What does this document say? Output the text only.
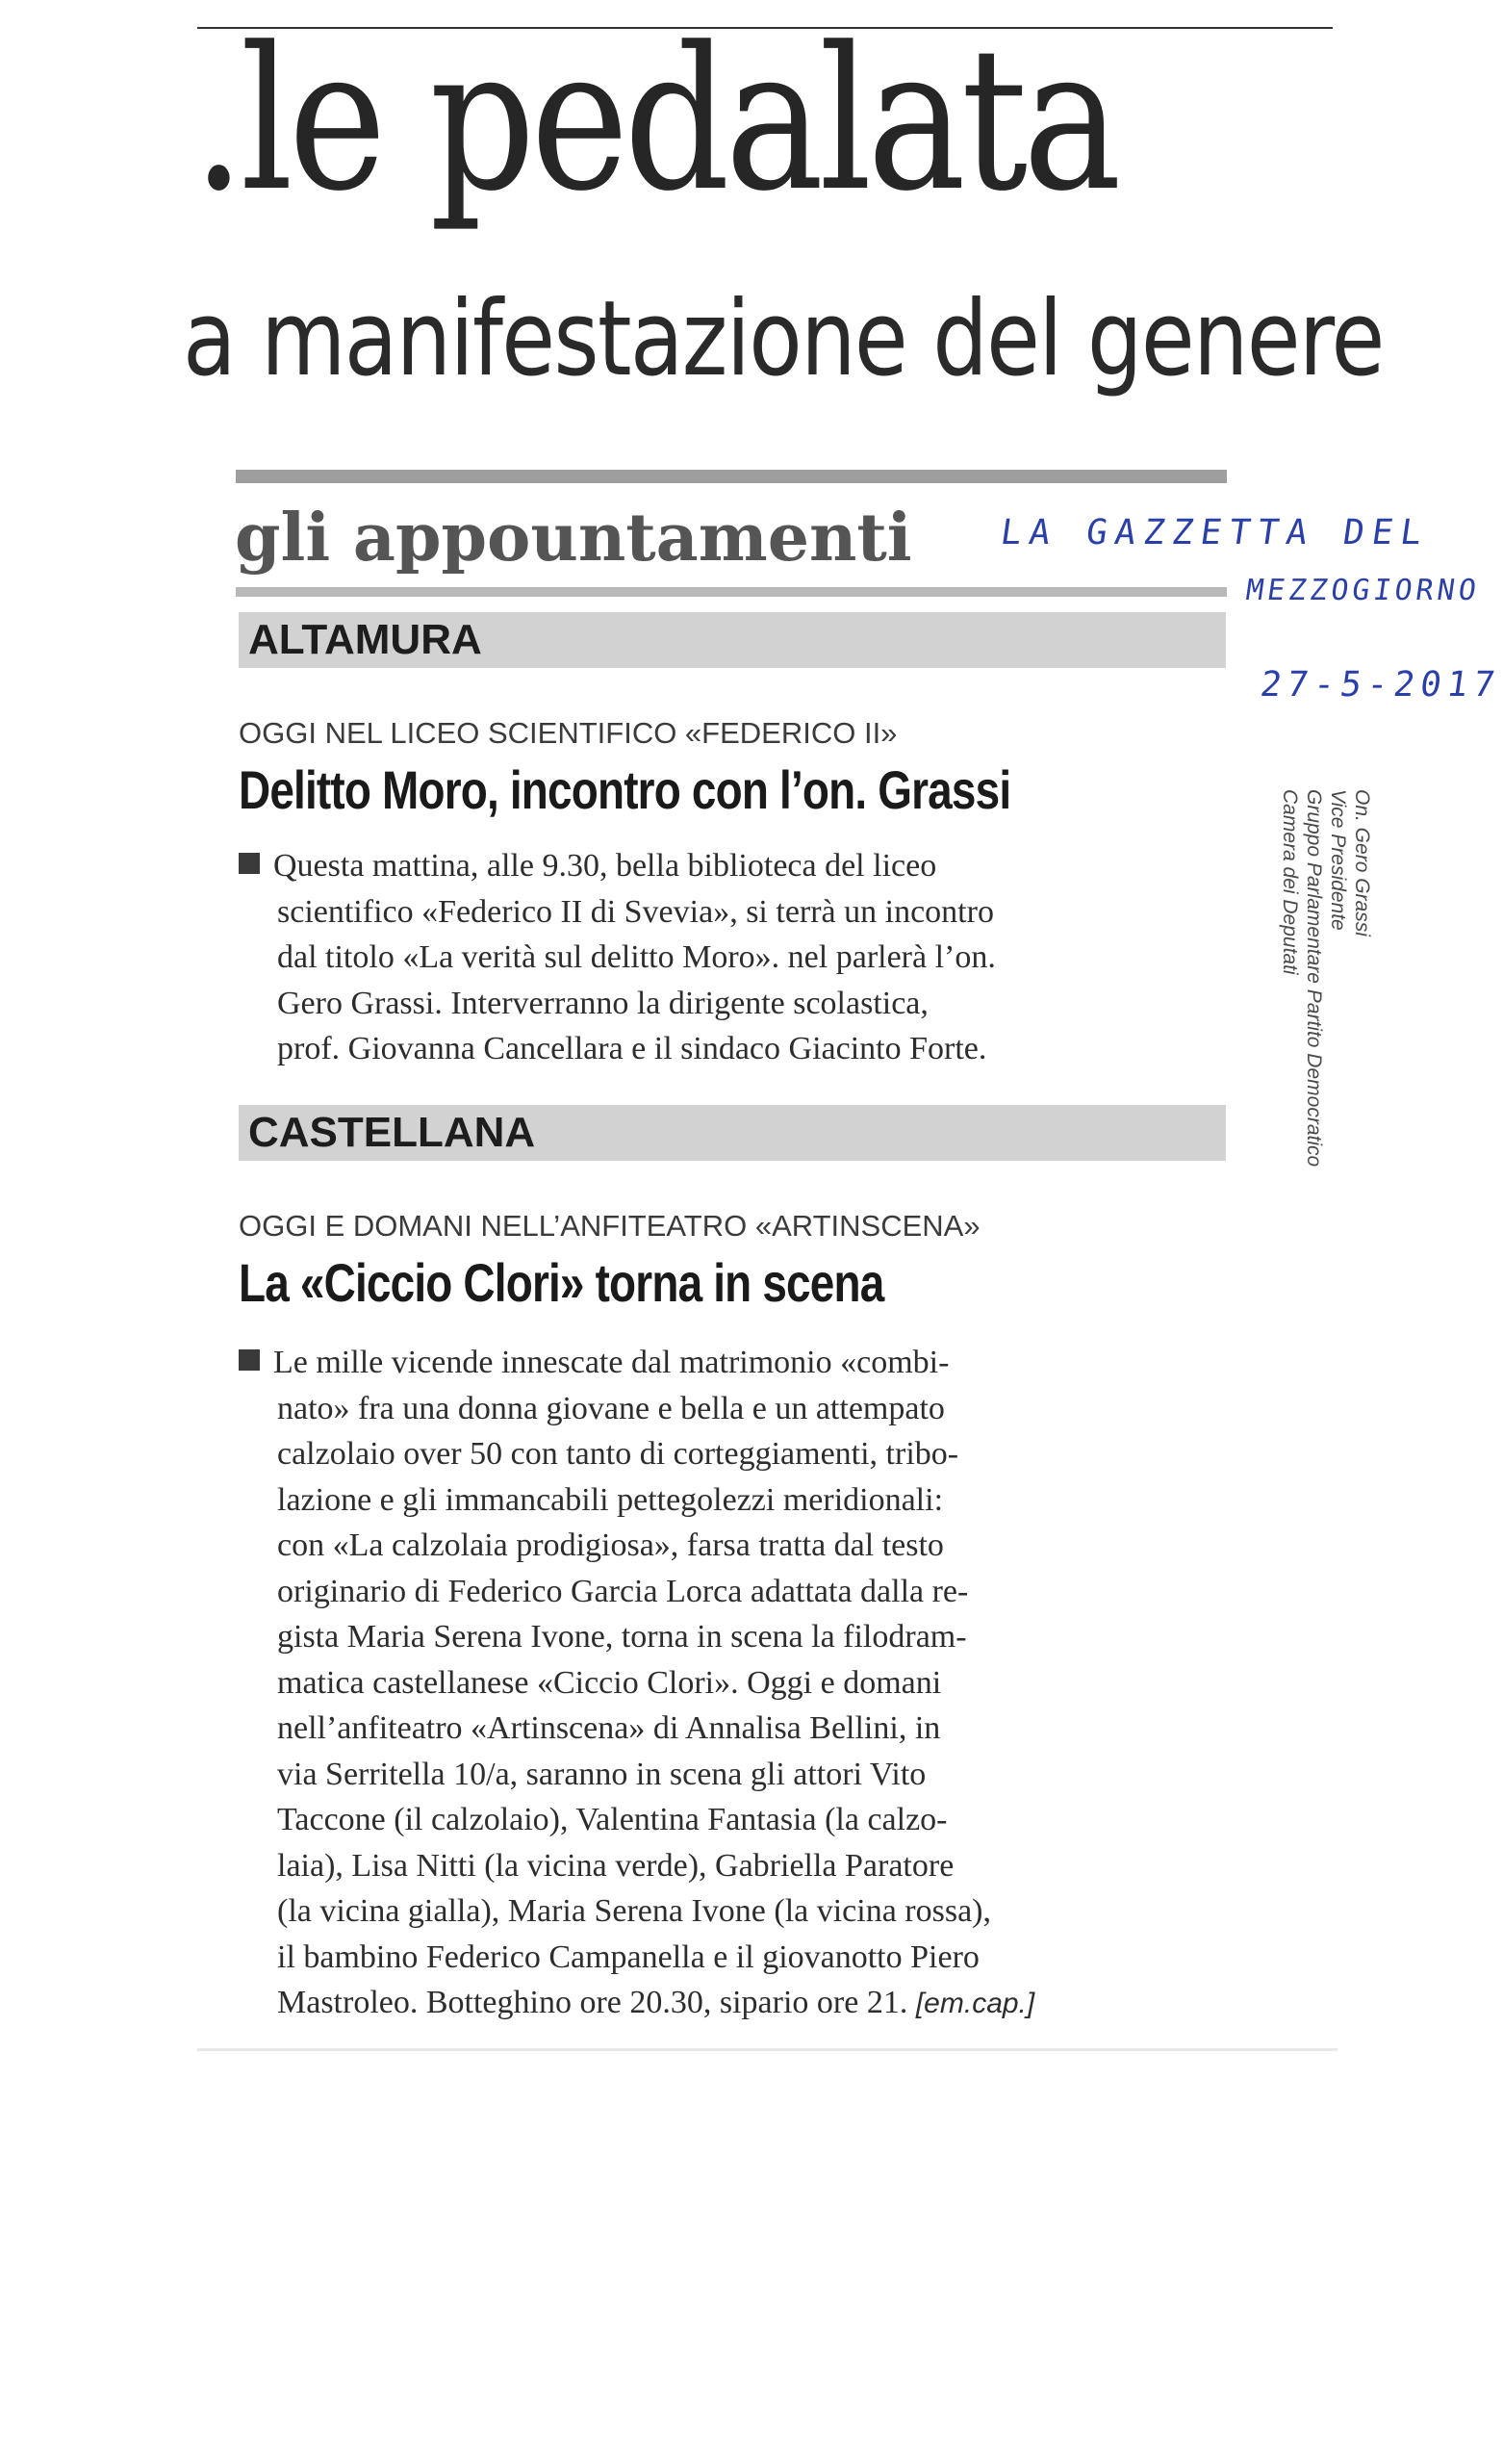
.le pedalata
a manifestazione del genere
gli appountamenti LA GAZZETTA DEL
MEZZOGIORNO
27-5-2017
On. Gero Grassi
Vice Presidente
Gruppo Parlamentare Partito Democratico
Camera dei Deputati
ALTAMURA
OGGI NEL LICEO SCIENTIFICO «FEDERICO II»
Delitto Moro, incontro con l’on. Grassi
Questa mattina, alle 9.30, bella biblioteca del liceo
scientifico «Federico II di Svevia», si terrà un incontro
dal titolo «La verità sul delitto Moro». nel parlerà l’on.
Gero Grassi. Interverranno la dirigente scolastica,
prof. Giovanna Cancellara e il sindaco Giacinto Forte.
CASTELLANA
OGGI E DOMANI NELL’ANFITEATRO «ARTINSCENA»
La «Ciccio Clori» torna in scena
Le mille vicende innescate dal matrimonio «combi-
nato» fra una donna giovane e bella e un attempato
calzolaio over 50 con tanto di corteggiamenti, tribo-
lazione e gli immancabili pettegolezzi meridionali:
con «La calzolaia prodigiosa», farsa tratta dal testo
originario di Federico Garcia Lorca adattata dalla re-
gista Maria Serena Ivone, torna in scena la filodram-
matica castellanese «Ciccio Clori». Oggi e domani
nell’anfiteatro «Artinscena» di Annalisa Bellini, in
via Serritella 10/a, saranno in scena gli attori Vito
Taccone (il calzolaio), Valentina Fantasia (la calzo-
laia), Lisa Nitti (la vicina verde), Gabriella Paratore
(la vicina gialla), Maria Serena Ivone (la vicina rossa),
il bambino Federico Campanella e il giovanotto Piero
Mastroleo. Botteghino ore 20.30, sipario ore 21. [em.cap.]
